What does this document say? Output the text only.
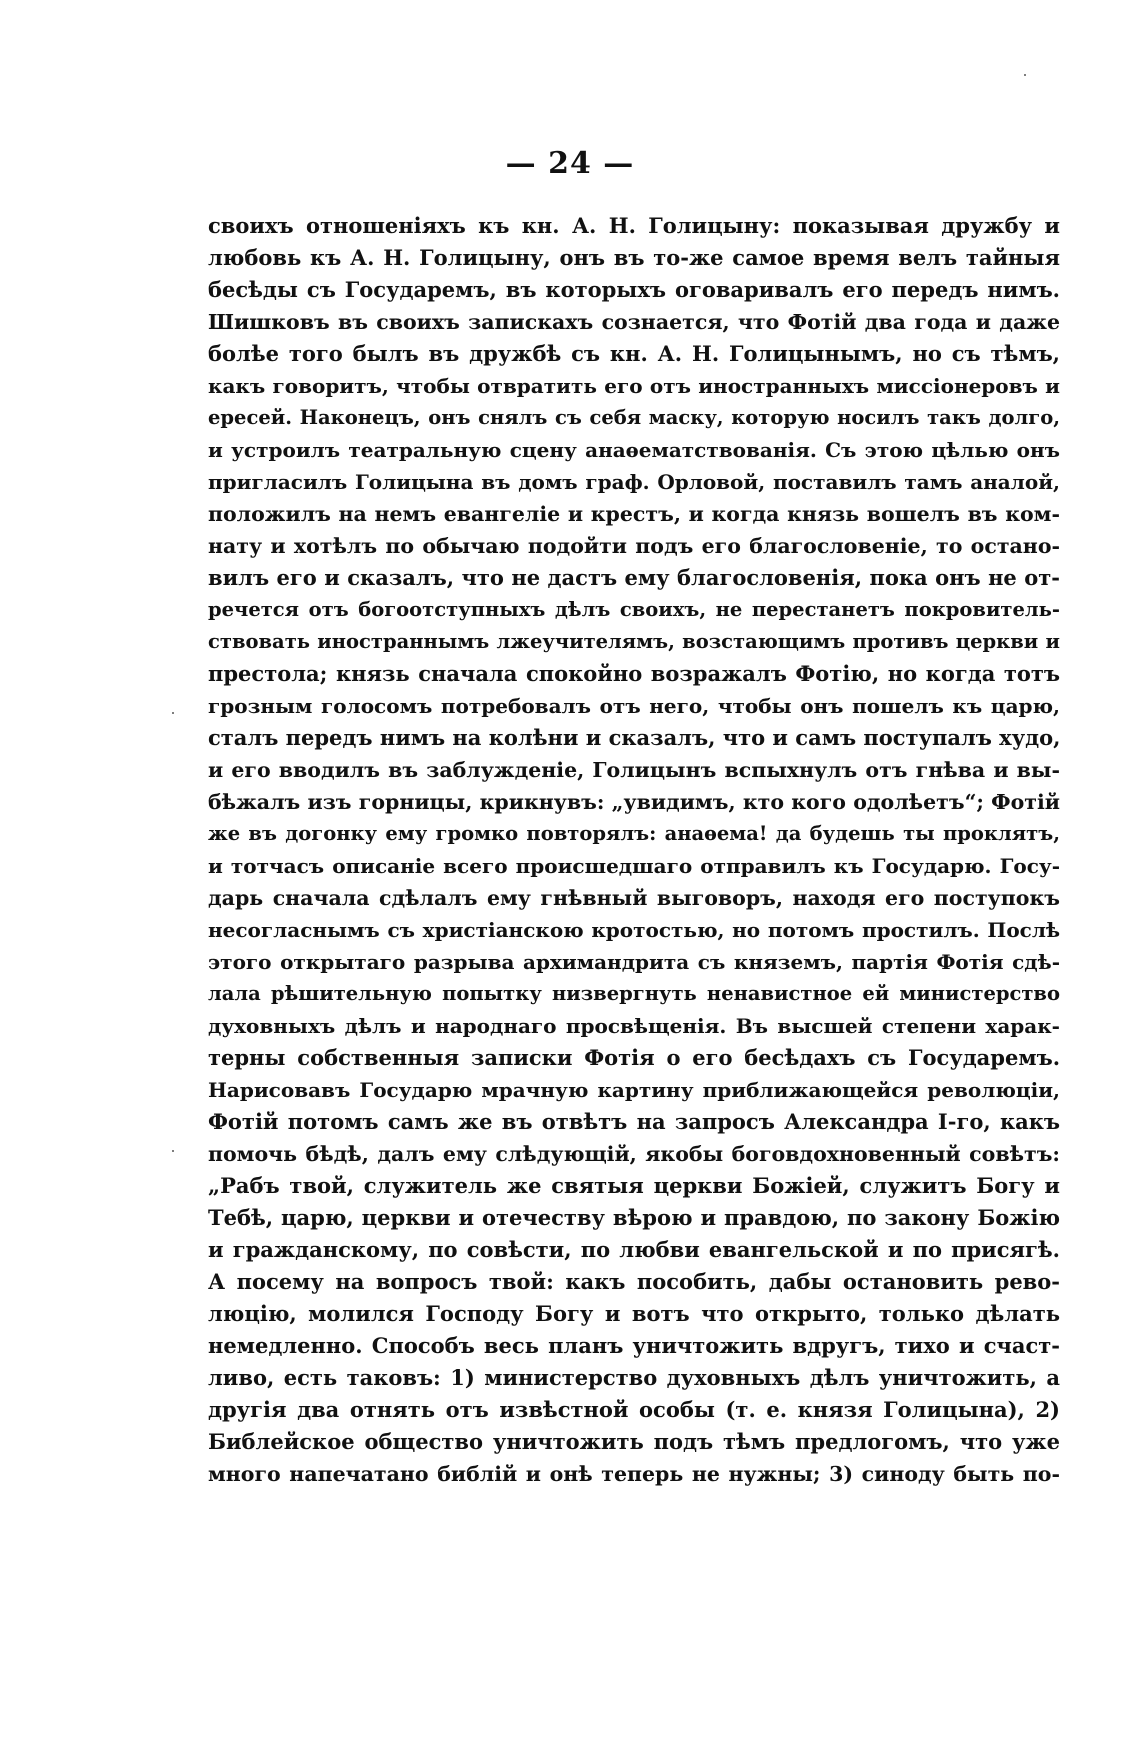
— 24 —
своихъ отношеніяхъ къ кн. А. Н. Голицыну: показывая дружбу и
любовь къ А. Н. Голицыну, онъ въ то-же самое время велъ тайныя
бесѣды съ Государемъ, въ которыхъ оговаривалъ его передъ нимъ.
Шишковъ въ своихъ запискахъ сознается, что Фотій два года и даже
болѣе того былъ въ дружбѣ съ кн. А. Н. Голицынымъ, но съ тѣмъ,
какъ говоритъ, чтобы отвратить его отъ иностранныхъ миссіонеровъ и
ересей. Наконецъ, онъ снялъ съ себя маску, которую носилъ такъ долго,
и устроилъ театральную сцену анаѳематствованія. Съ этою цѣлью онъ
пригласилъ Голицына въ домъ граф. Орловой, поставилъ тамъ аналой,
положилъ на немъ евангеліе и крестъ, и когда князь вошелъ въ ком-
нату и хотѣлъ по обычаю подойти подъ его благословеніе, то остано-
вилъ его и сказалъ, что не дастъ ему благословенія, пока онъ не от-
речется отъ богоотступныхъ дѣлъ своихъ, не перестанетъ покровитель-
ствовать иностраннымъ лжеучителямъ, возстающимъ противъ церкви и
престола; князь сначала спокойно возражалъ Фотію, но когда тотъ
грозным голосомъ потребовалъ отъ него, чтобы онъ пошелъ къ царю,
сталъ передъ нимъ на колѣни и сказалъ, что и самъ поступалъ худо,
и его вводилъ въ заблужденіе, Голицынъ вспыхнулъ отъ гнѣва и вы-
бѣжалъ изъ горницы, крикнувъ: „увидимъ, кто кого одолѣетъ“; Фотій
же въ догонку ему громко повторялъ: анаѳема! да будешь ты проклятъ,
и тотчасъ описаніе всего происшедшаго отправилъ къ Государю. Госу-
дарь сначала сдѣлалъ ему гнѣвный выговоръ, находя его поступокъ
несогласнымъ съ христіанскою кротостью, но потомъ простилъ. Послѣ
этого открытаго разрыва архимандрита съ княземъ, партія Фотія сдѣ-
лала рѣшительную попытку низвергнуть ненавистное ей министерство
духовныхъ дѣлъ и народнаго просвѣщенія. Въ высшей степени харак-
терны собственныя записки Фотія о его бесѣдахъ съ Государемъ.
Нарисовавъ Государю мрачную картину приближающейся революціи,
Фотій потомъ самъ же въ отвѣтъ на запросъ Александра I-го, какъ
помочь бѣдѣ, далъ ему слѣдующій, якобы боговдохновенный совѣтъ:
„Рабъ твой, служитель же святыя церкви Божіей, служитъ Богу и
Тебѣ, царю, церкви и отечеству вѣрою и правдою, по закону Божію
и гражданскому, по совѣсти, по любви евангельской и по присягѣ.
А посему на вопросъ твой: какъ пособить, дабы остановить рево-
люцію, молился Господу Богу и вотъ что открыто, только дѣлать
немедленно. Способъ весь планъ уничтожить вдругъ, тихо и счаст-
ливо, есть таковъ: 1) министерство духовныхъ дѣлъ уничтожить, а
другія два отнять отъ извѣстной особы (т. е. князя Голицына), 2)
Библейское общество уничтожить подъ тѣмъ предлогомъ, что уже
много напечатано библій и онѣ теперь не нужны; 3) синоду быть по-
